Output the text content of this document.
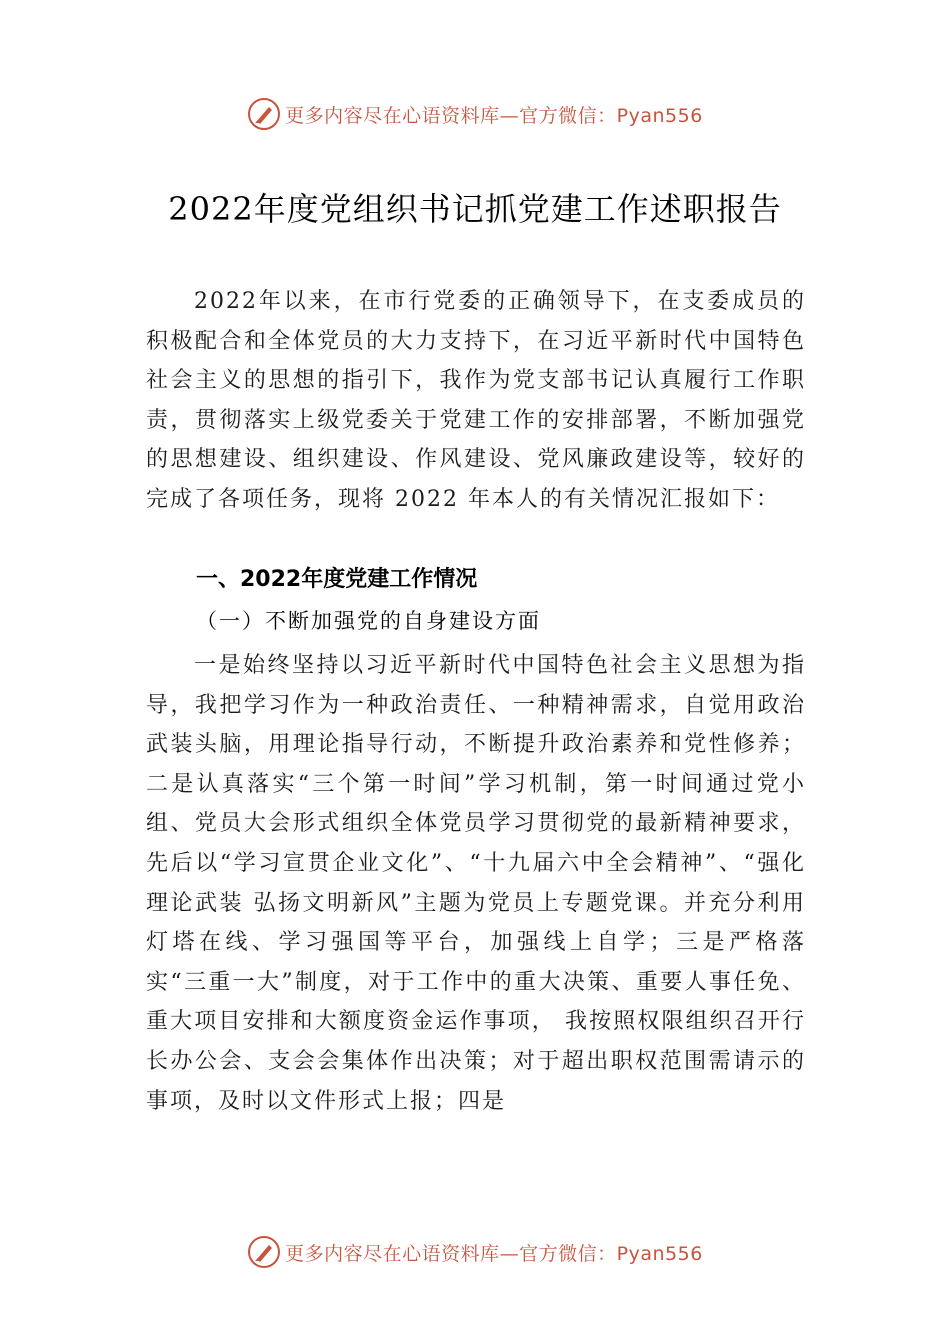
更多内容尽在心语资料库—官方微信：Pyan556
2022年度党组织书记抓党建工作述职报告

2022年以来，在市行党委的正确领导下，在支委成员的积极配合和全体党员的大力支持下，在习近平新时代中国特色社会主义的思想的指引下，我作为党支部书记认真履行工作职责，贯彻落实上级党委关于党建工作的安排部署，不断加强党的思想建设、组织建设、作风建设、党风廉政建设等，较好的完成了各项任务，现将 2022 年本人的有关情况汇报如下：

一、2022年度党建工作情况

（一）不断加强党的自身建设方面

一是始终坚持以习近平新时代中国特色社会主义思想为指导，我把学习作为一种政治责任、一种精神需求，自觉用政治武装头脑，用理论指导行动，不断提升政治素养和党性修养；二是认真落实“三个第一时间”学习机制，第一时间通过党小组、党员大会形式组织全体党员学习贯彻党的最新精神要求，先后以“学习宣贯企业文化”、“十九届六中全会精神”、“强化理论武装 弘扬文明新风”主题为党员上专题党课。并充分利用灯塔在线、学习强国等平台，加强线上自学；三是严格落实“三重一大”制度，对于工作中的重大决策、重要人事任免、重大项目安排和大额度资金运作事项， 我按照权限组织召开行长办公会、支会会集体作出决策；对于超出职权范围需请示的事项，及时以文件形式上报；四是

更多内容尽在心语资料库—官方微信：Pyan556
